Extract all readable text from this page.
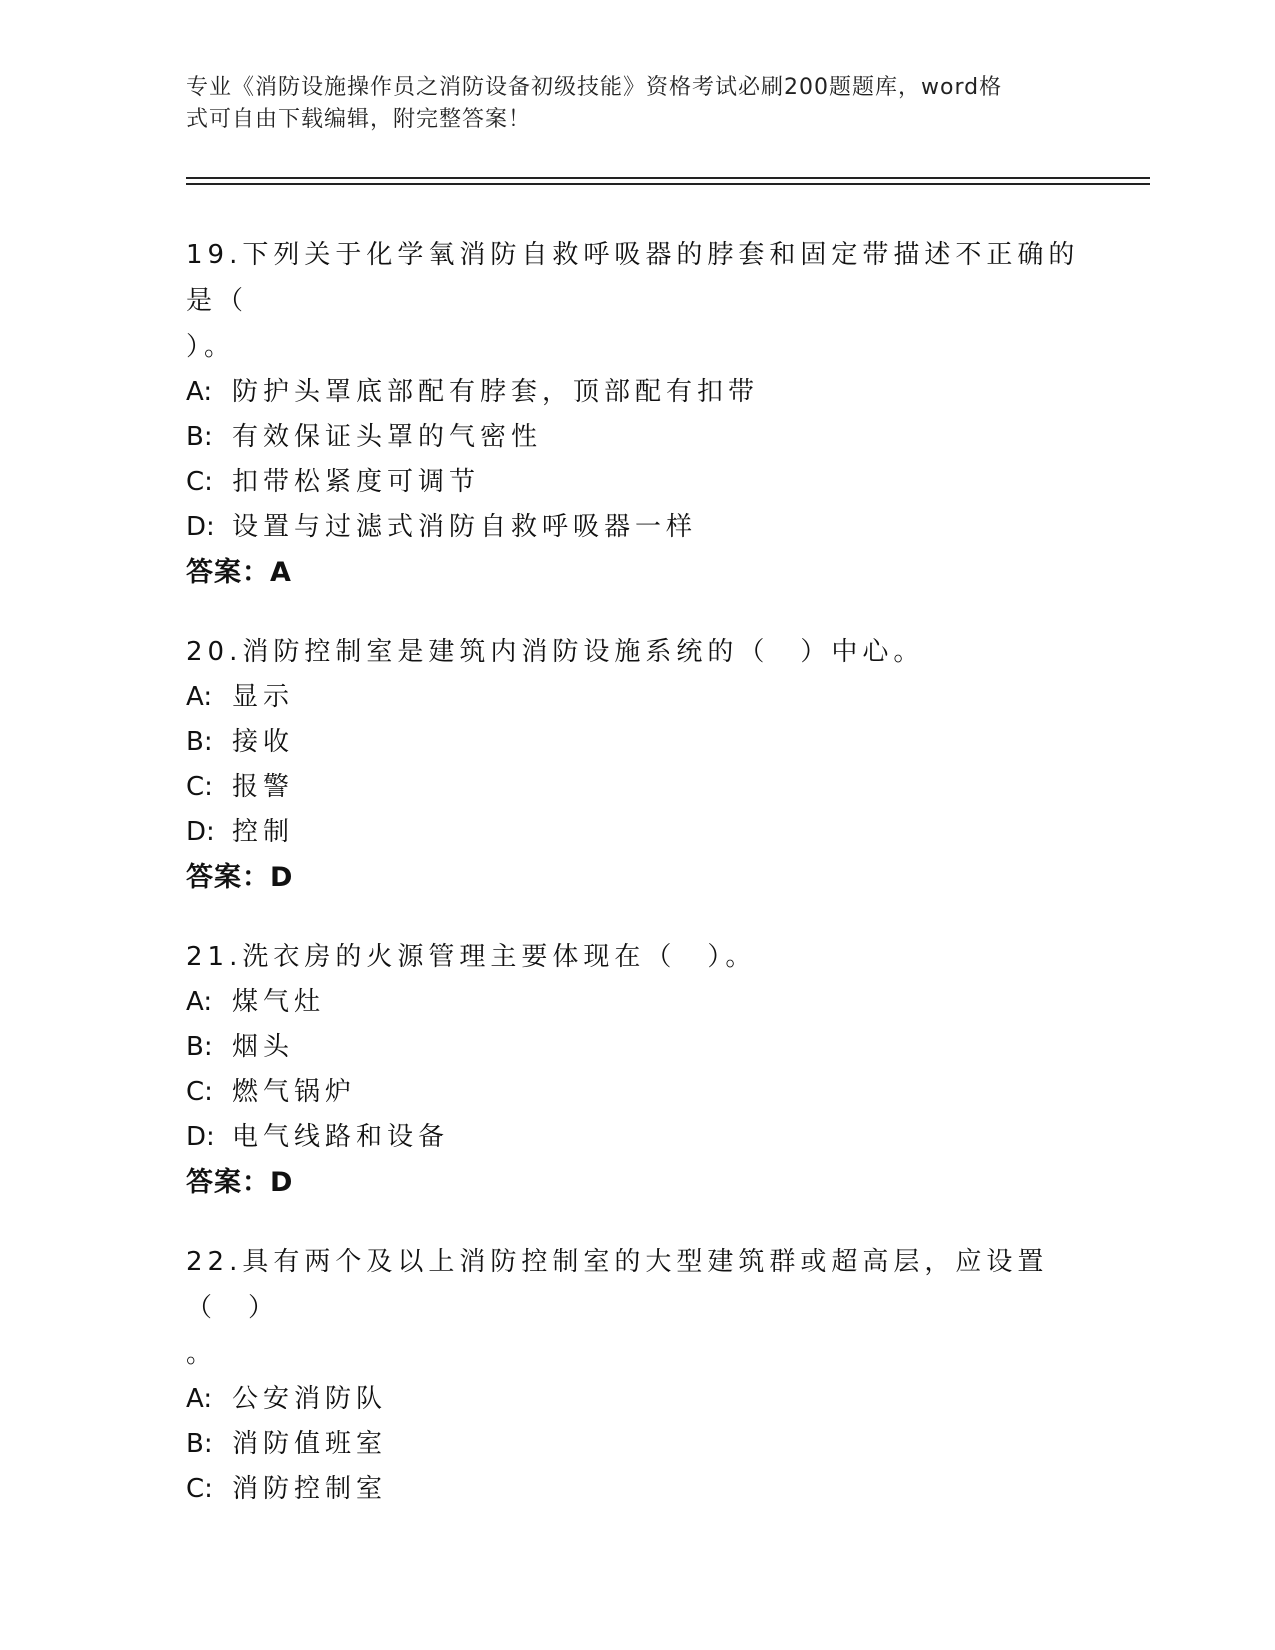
专业《消防设施操作员之消防设备初级技能》资格考试必刷200题题库，word格
式可自由下载编辑，附完整答案！
19.下列关于化学氧消防自救呼吸器的脖套和固定带描述不正确的是（
）。
A: 防护头罩底部配有脖套，顶部配有扣带
B: 有效保证头罩的气密性
C: 扣带松紧度可调节
D: 设置与过滤式消防自救呼吸器一样
答案：A
20.消防控制室是建筑内消防设施系统的（　）中心。
A: 显示
B: 接收
C: 报警
D: 控制
答案：D
21.洗衣房的火源管理主要体现在（　）。
A: 煤气灶
B: 烟头
C: 燃气锅炉
D: 电气线路和设备
答案：D
22.具有两个及以上消防控制室的大型建筑群或超高层，应设置（　）
。
A: 公安消防队
B: 消防值班室
C: 消防控制室
